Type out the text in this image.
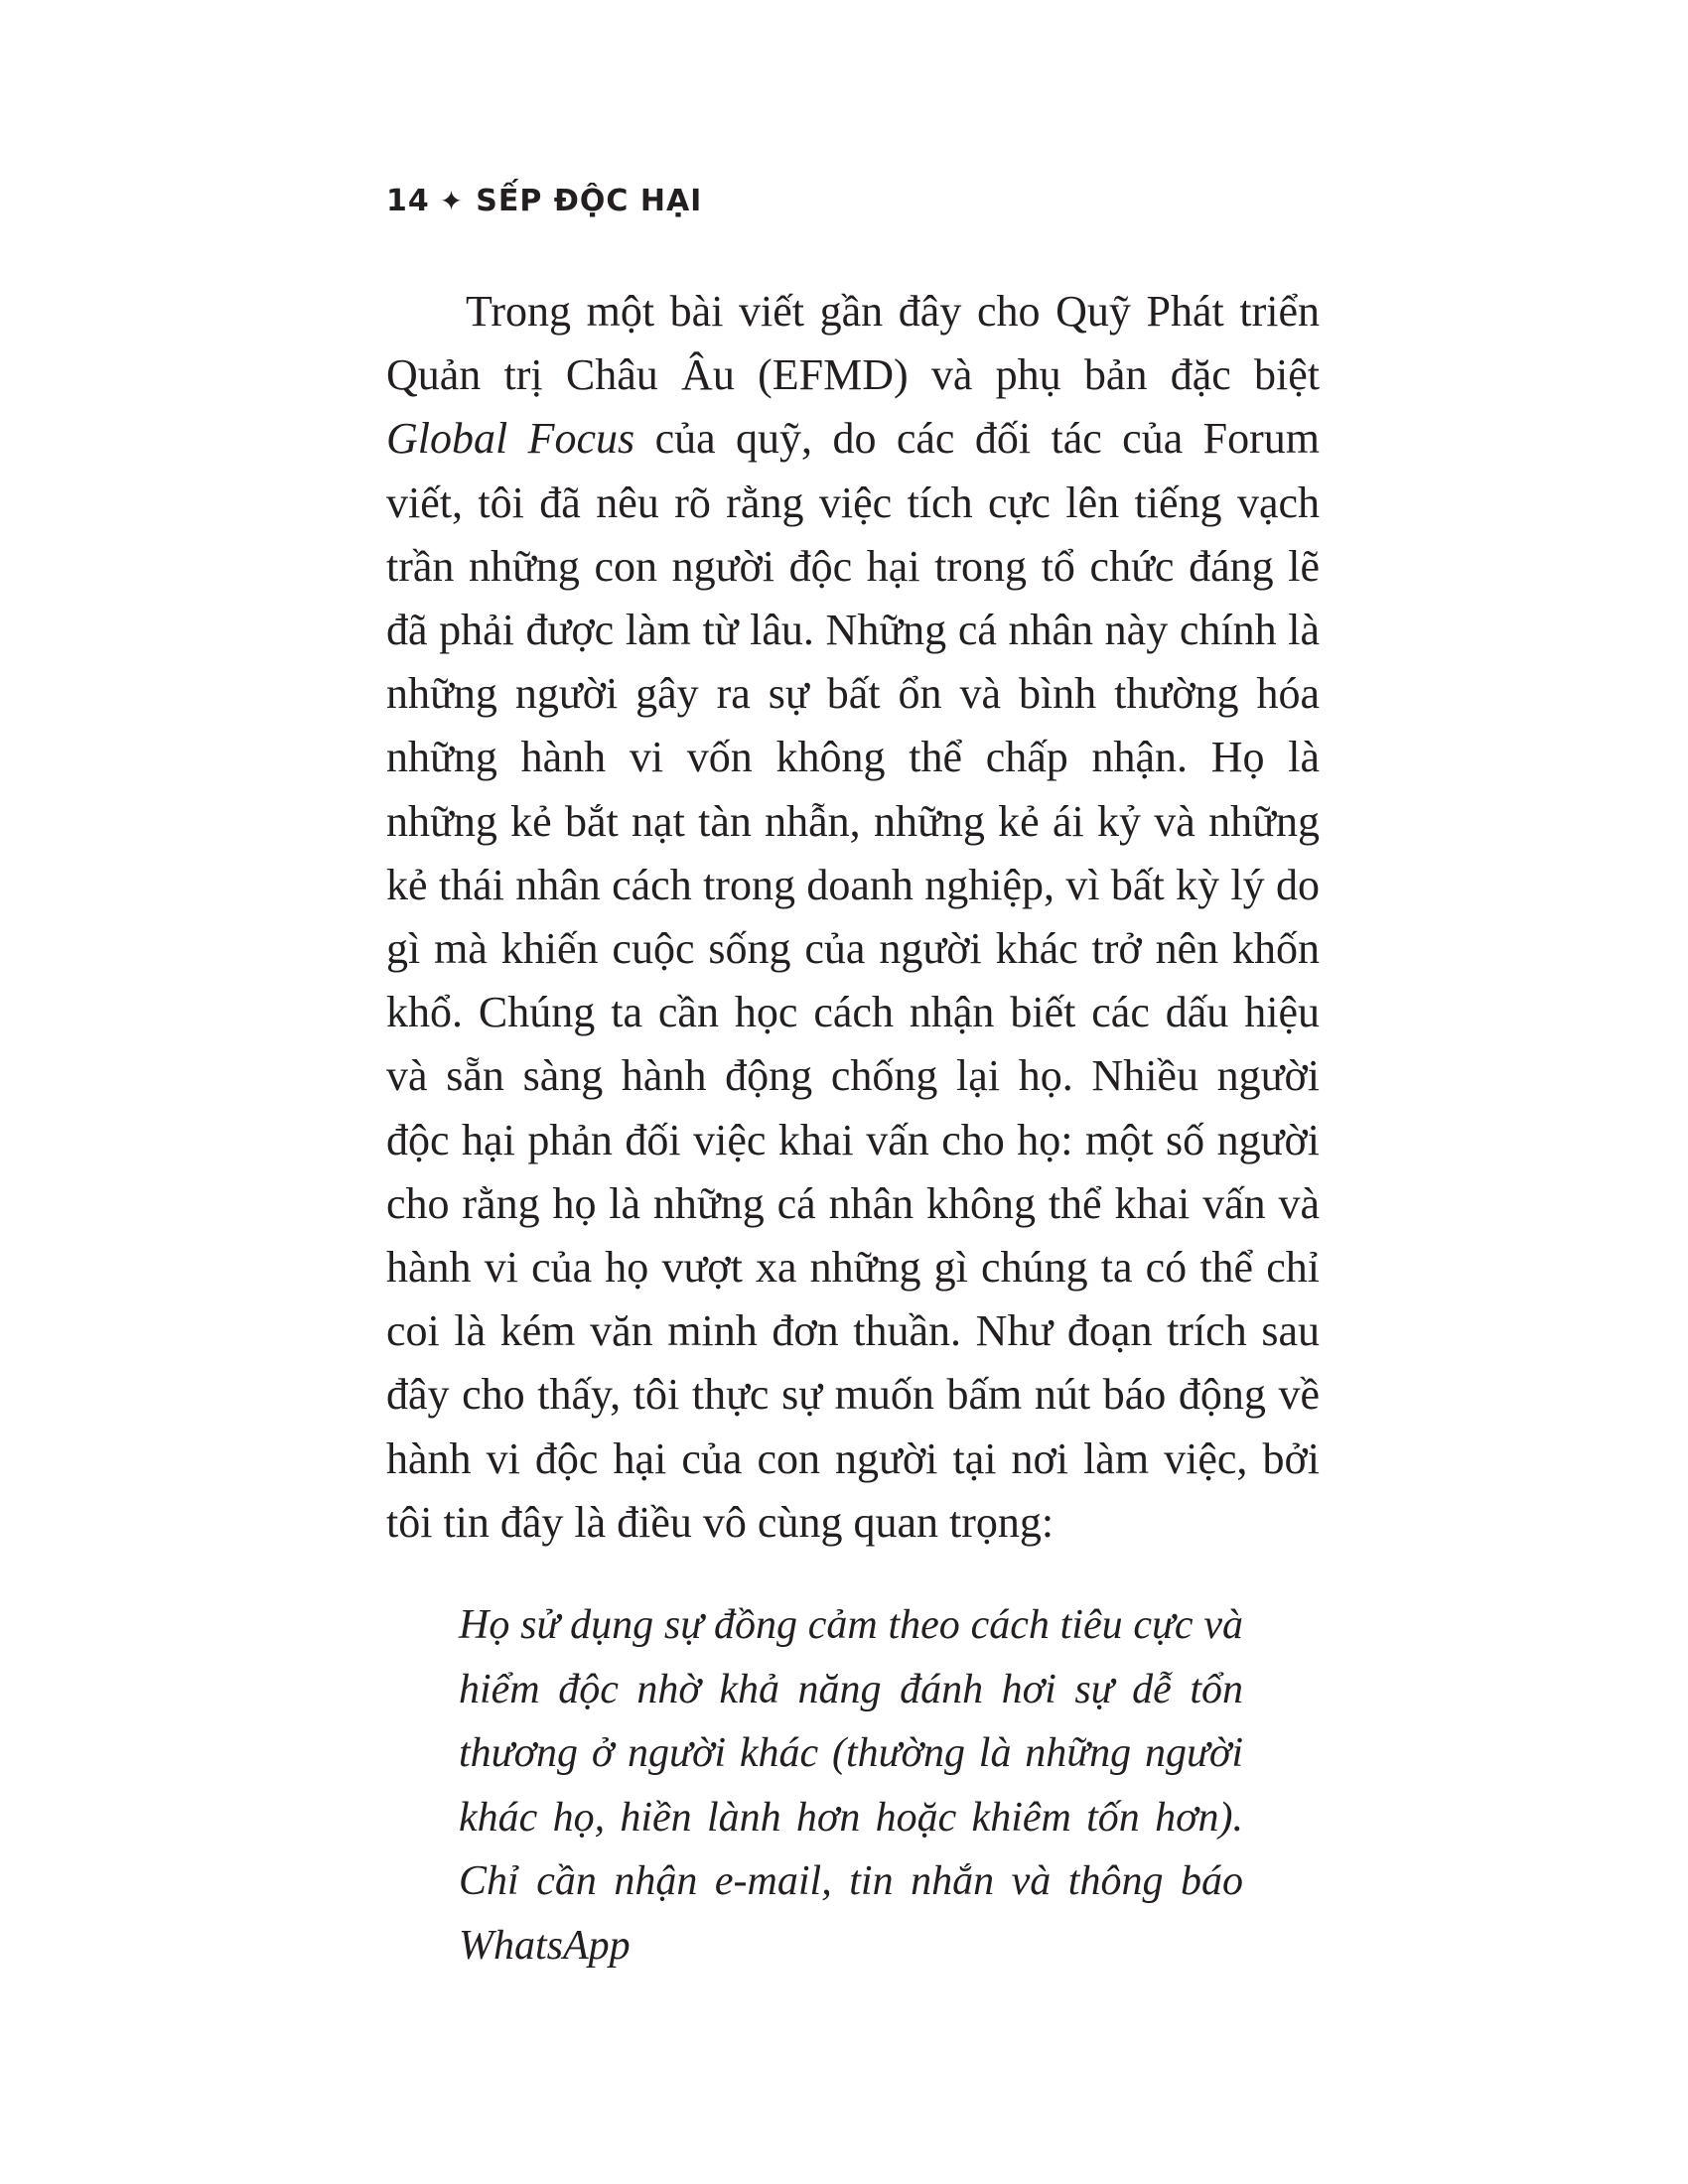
14 ✦ SẾP ĐỘC HẠI

Trong một bài viết gần đây cho Quỹ Phát triển Quản trị Châu Âu (EFMD) và phụ bản đặc biệt Global Focus của quỹ, do các đối tác của Forum viết, tôi đã nêu rõ rằng việc tích cực lên tiếng vạch trần những con người độc hại trong tổ chức đáng lẽ đã phải được làm từ lâu. Những cá nhân này chính là những người gây ra sự bất ổn và bình thường hóa những hành vi vốn không thể chấp nhận. Họ là những kẻ bắt nạt tàn nhẫn, những kẻ ái kỷ và những kẻ thái nhân cách trong doanh nghiệp, vì bất kỳ lý do gì mà khiến cuộc sống của người khác trở nên khốn khổ. Chúng ta cần học cách nhận biết các dấu hiệu và sẵn sàng hành động chống lại họ. Nhiều người độc hại phản đối việc khai vấn cho họ: một số người cho rằng họ là những cá nhân không thể khai vấn và hành vi của họ vượt xa những gì chúng ta có thể chỉ coi là kém văn minh đơn thuần. Như đoạn trích sau đây cho thấy, tôi thực sự muốn bấm nút báo động về hành vi độc hại của con người tại nơi làm việc, bởi tôi tin đây là điều vô cùng quan trọng:

Họ sử dụng sự đồng cảm theo cách tiêu cực và hiểm độc nhờ khả năng đánh hơi sự dễ tổn thương ở người khác (thường là những người khác họ, hiền lành hơn hoặc khiêm tốn hơn). Chỉ cần nhận e-mail, tin nhắn và thông báo WhatsApp
